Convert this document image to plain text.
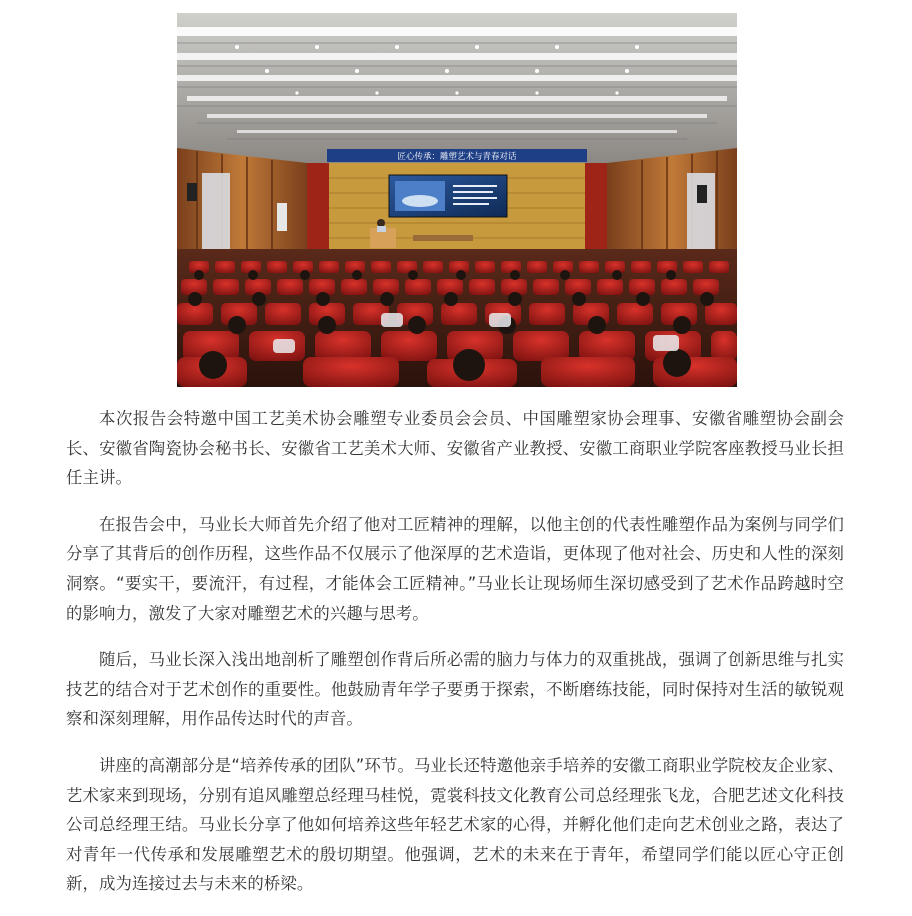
匠心传承：雕塑艺术与青春对话

本次报告会特邀中国工艺美术协会雕塑专业委员会会员、中国雕塑家协会理事、安徽省雕塑协会副会长、安徽省陶瓷协会秘书长、安徽省工艺美术大师、安徽省产业教授、安徽工商职业学院客座教授马业长担任主讲。

在报告会中，马业长大师首先介绍了他对工匠精神的理解，以他主创的代表性雕塑作品为案例与同学们分享了其背后的创作历程，这些作品不仅展示了他深厚的艺术造诣，更体现了他对社会、历史和人性的深刻洞察。“要实干，要流汗，有过程，才能体会工匠精神。”马业长让现场师生深切感受到了艺术作品跨越时空的影响力，激发了大家对雕塑艺术的兴趣与思考。

随后，马业长深入浅出地剖析了雕塑创作背后所必需的脑力与体力的双重挑战，强调了创新思维与扎实技艺的结合对于艺术创作的重要性。他鼓励青年学子要勇于探索，不断磨练技能，同时保持对生活的敏锐观察和深刻理解，用作品传达时代的声音。

讲座的高潮部分是“培养传承的团队”环节。马业长还特邀他亲手培养的安徽工商职业学院校友企业家、艺术家来到现场，分别有追风雕塑总经理马桂悦，霓裳科技文化教育公司总经理张飞龙，合肥艺述文化科技公司总经理王结。马业长分享了他如何培养这些年轻艺术家的心得，并孵化他们走向艺术创业之路，表达了对青年一代传承和发展雕塑艺术的殷切期望。他强调，艺术的未来在于青年，希望同学们能以匠心守正创新，成为连接过去与未来的桥梁。
